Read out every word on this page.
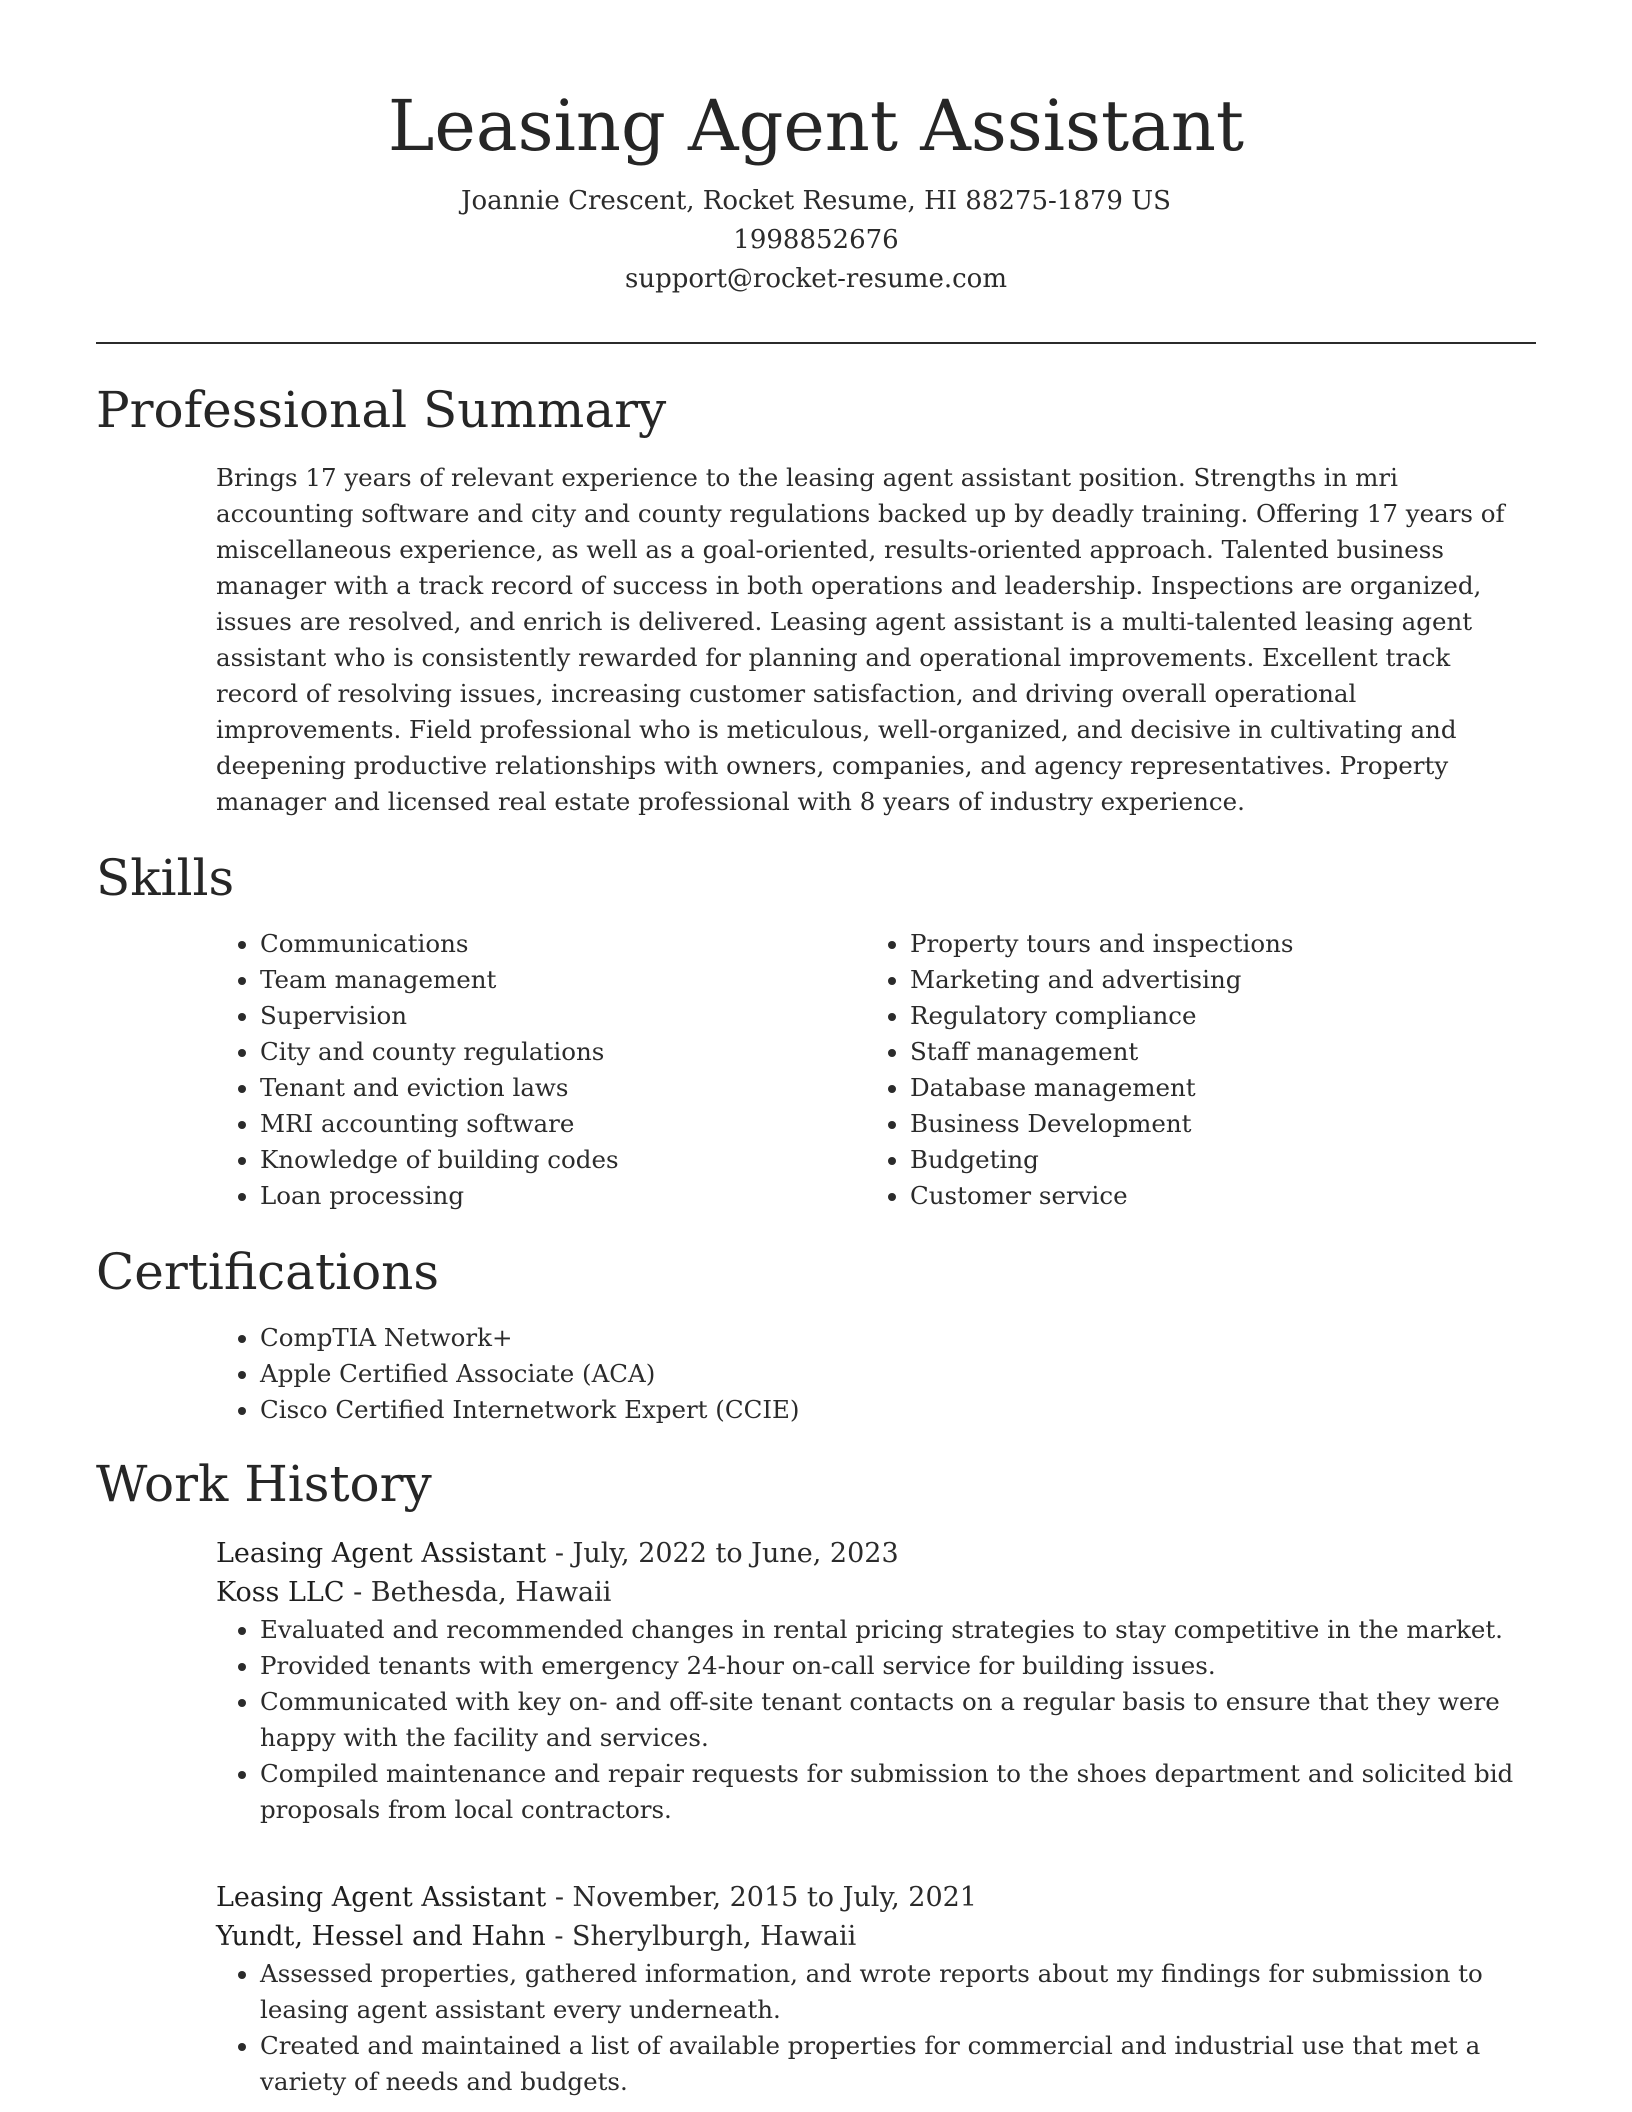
Leasing Agent Assistant
Joannie Crescent, Rocket Resume, HI 88275-1879 US
1998852676
support@rocket-resume.com
Professional Summary

Brings 17 years of relevant experience to the leasing agent assistant position. Strengths in mri accounting software and city and county regulations backed up by deadly training. Offering 17 years of miscellaneous experience, as well as a goal-oriented, results-oriented approach. Talented business manager with a track record of success in both operations and leadership. Inspections are organized, issues are resolved, and enrich is delivered. Leasing agent assistant is a multi-talented leasing agent assistant who is consistently rewarded for planning and operational improvements. Excellent track record of resolving issues, increasing customer satisfaction, and driving overall operational improvements. Field professional who is meticulous, well-organized, and decisive in cultivating and deepening productive relationships with owners, companies, and agency representatives. Property manager and licensed real estate professional with 8 years of industry experience.

Skills
• Communications
• Team management
• Supervision
• City and county regulations
• Tenant and eviction laws
• MRI accounting software
• Knowledge of building codes
• Loan processing
• Property tours and inspections
• Marketing and advertising
• Regulatory compliance
• Staff management
• Database management
• Business Development
• Budgeting
• Customer service
Certifications
• CompTIA Network+
• Apple Certified Associate (ACA)
• Cisco Certified Internetwork Expert (CCIE)
Work History
Leasing Agent Assistant - July, 2022 to June, 2023
Koss LLC - Bethesda, Hawaii
• Evaluated and recommended changes in rental pricing strategies to stay competitive in the market.
• Provided tenants with emergency 24-hour on-call service for building issues.
• Communicated with key on- and off-site tenant contacts on a regular basis to ensure that they were happy with the facility and services.
• Compiled maintenance and repair requests for submission to the shoes department and solicited bid proposals from local contractors.
Leasing Agent Assistant - November, 2015 to July, 2021
Yundt, Hessel and Hahn - Sherylburgh, Hawaii
• Assessed properties, gathered information, and wrote reports about my findings for submission to leasing agent assistant every underneath.
• Created and maintained a list of available properties for commercial and industrial use that met a variety of needs and budgets.
